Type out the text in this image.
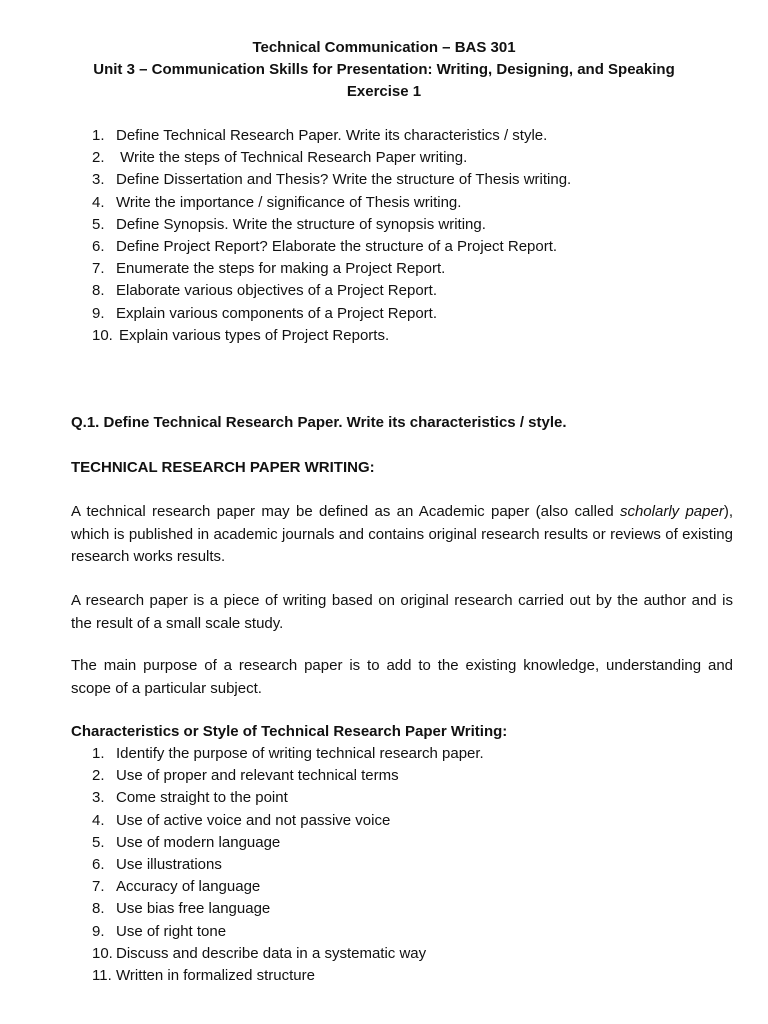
Technical Communication – BAS 301
Unit 3 – Communication Skills for Presentation: Writing, Designing, and Speaking
Exercise 1
1. Define Technical Research Paper. Write its characteristics / style.
2. Write the steps of Technical Research Paper writing.
3. Define Dissertation and Thesis? Write the structure of Thesis writing.
4. Write the importance / significance of Thesis writing.
5. Define Synopsis. Write the structure of synopsis writing.
6. Define Project Report? Elaborate the structure of a Project Report.
7. Enumerate the steps for making a Project Report.
8. Elaborate various objectives of a Project Report.
9. Explain various components of a Project Report.
10. Explain various types of Project Reports.
Q.1. Define Technical Research Paper. Write its characteristics / style.
TECHNICAL RESEARCH PAPER WRITING:
A technical research paper may be defined as an Academic paper (also called scholarly paper), which is published in academic journals and contains original research results or reviews of existing research works results.
A research paper is a piece of writing based on original research carried out by the author and is the result of a small scale study.
The main purpose of a research paper is to add to the existing knowledge, understanding and scope of a particular subject.
Characteristics or Style of Technical Research Paper Writing:
1. Identify the purpose of writing technical research paper.
2. Use of proper and relevant technical terms
3. Come straight to the point
4. Use of active voice and not passive voice
5. Use of modern language
6. Use illustrations
7. Accuracy of language
8. Use bias free language
9. Use of right tone
10. Discuss and describe data in a systematic way
11. Written in formalized structure
